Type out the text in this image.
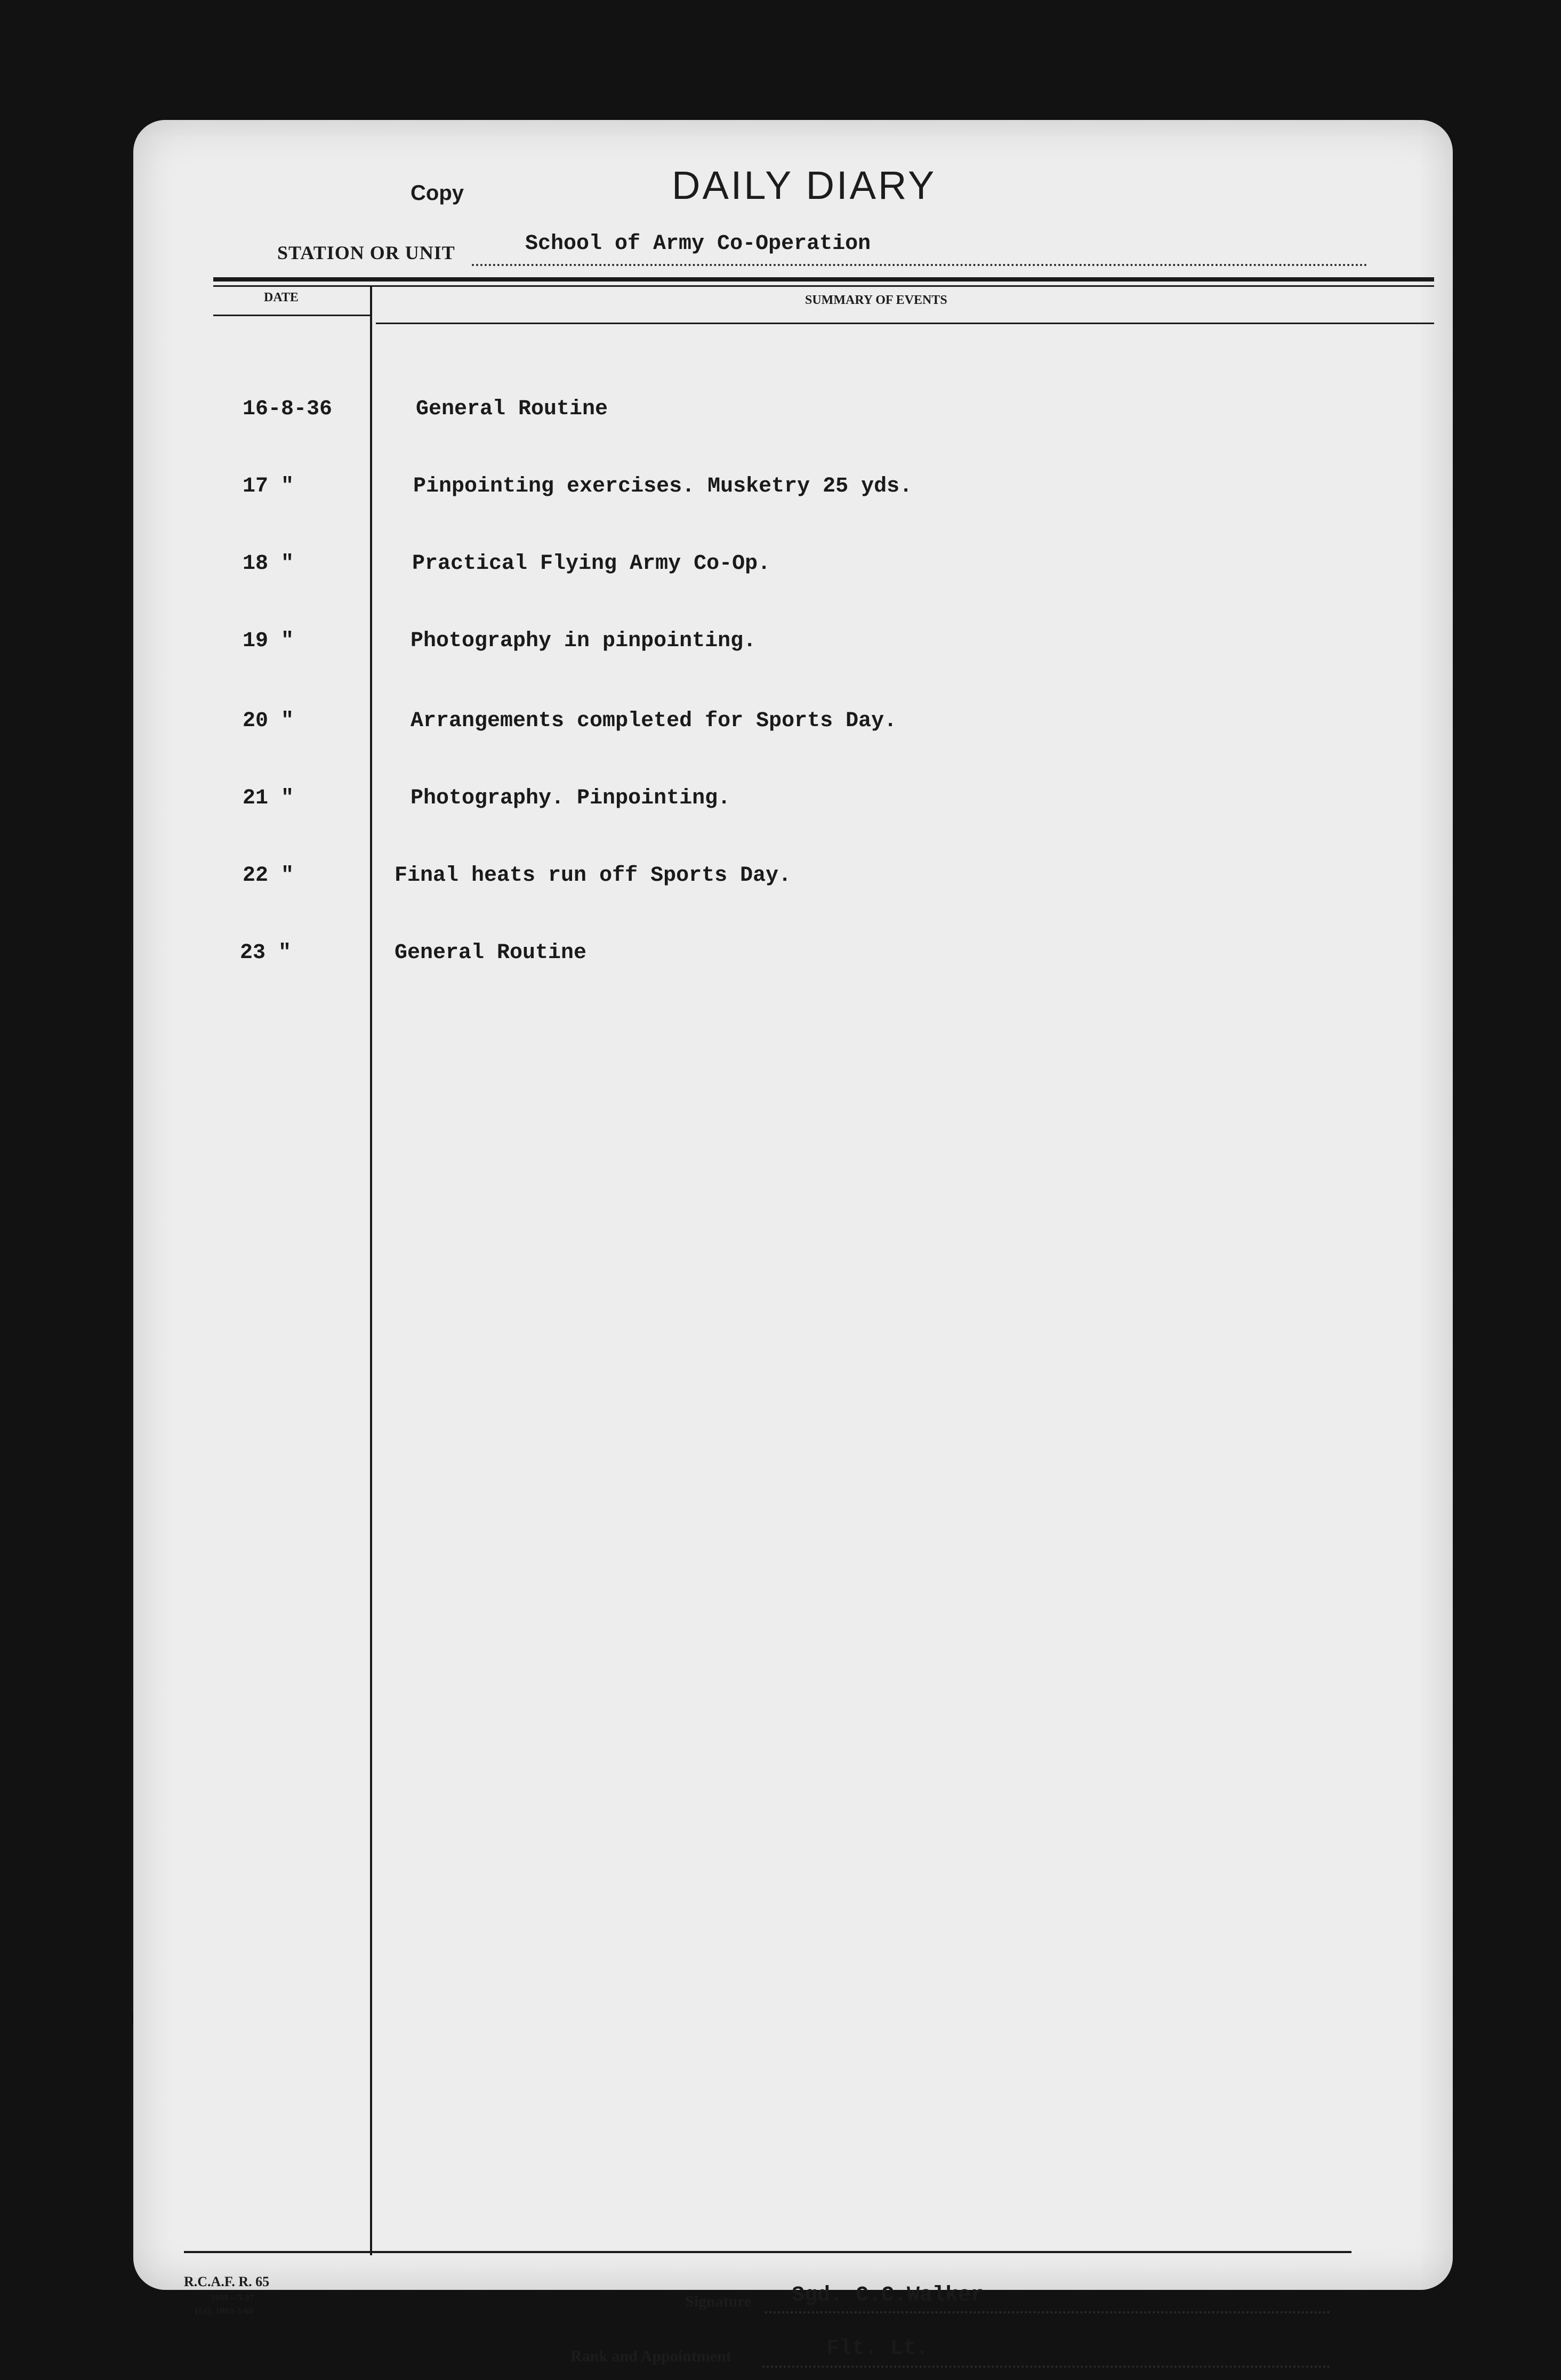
Copy	DAILY DIARY
STATION OR UNIT	School of Army Co-Operation
DATE	SUMMARY OF EVENTS
16-8-36	General Routine
17 "	Pinpointing exercises. Musketry 25 yds.
18 "	Practical Flying Army Co-Op.
19 "	Photography in pinpointing.
20 "	Arrangements completed for Sports Day.
21 "	Photography. Pinpointing.
22 "	Final heats run off Sports Day.
23 "	General Routine
R.C.A.F. R. 65
10M—5-37
H.Q. 1003-3-60
Signature Sgd. C.C.Walker
Rank and Appointment	Flt. Lt.
